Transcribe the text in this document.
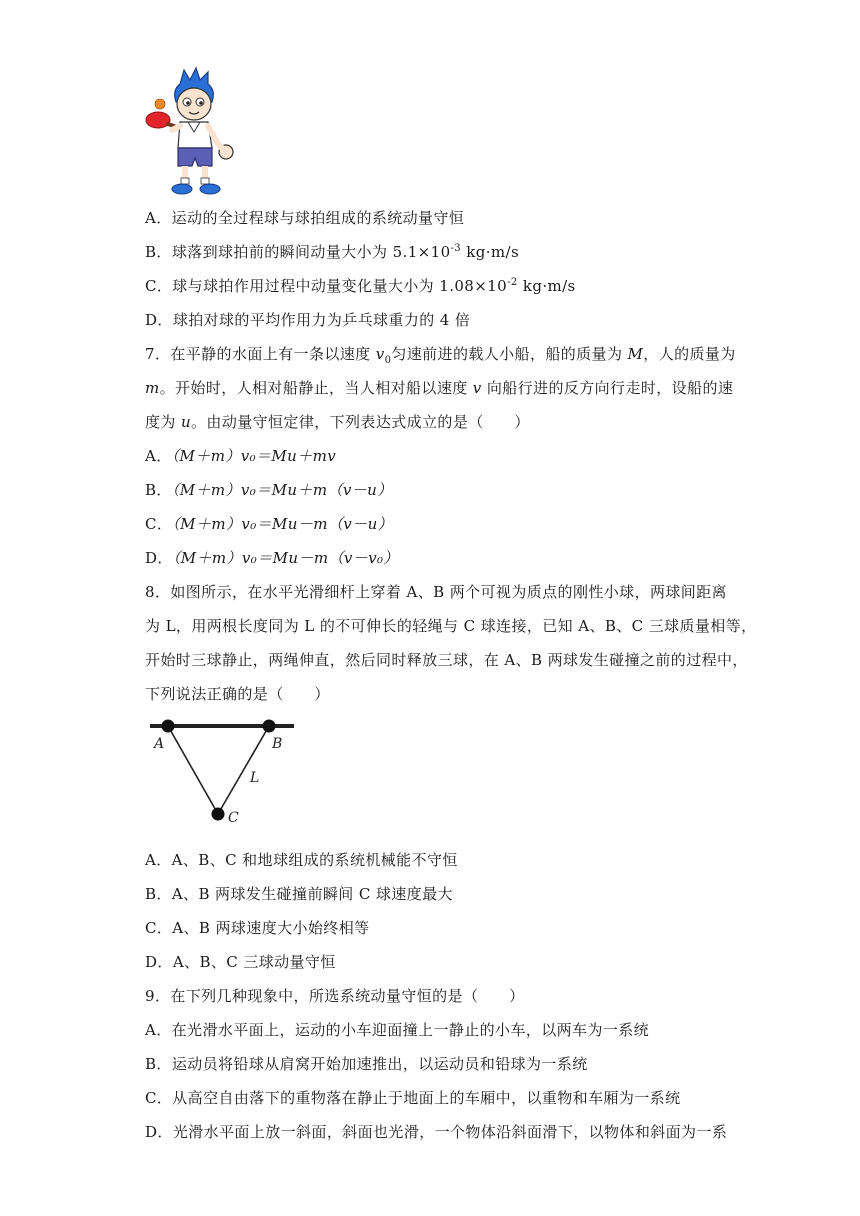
A．运动的全过程球与球拍组成的系统动量守恒
B．球落到球拍前的瞬间动量大小为 $5.1\times 10^{-3}$ kg·m/s
C．球与球拍作用过程中动量变化量大小为 $1.08\times 10^{-2}$ kg·m/s
D．球拍对球的平均作用力为乒乓球重力的 4 倍
7．在平静的水面上有一条以速度 $v_0$匀速前进的载人小船，船的质量为 M，人的质量为
m。开始时，人相对船静止，当人相对船以速度 v 向船行进的反方向行走时，设船的速
度为 u。由动量守恒定律，下列表达式成立的是（　　）
A．（M＋m）v₀＝Mu＋mv
B．（M＋m）v₀＝Mu＋m（v－u）
C．（M＋m）v₀＝Mu－m（v－u）
D．（M＋m）v₀＝Mu－m（v－v₀）
8．如图所示，在水平光滑细杆上穿着 A、B 两个可视为质点的刚性小球，两球间距离
为 L，用两根长度同为 L 的不可伸长的轻绳与 C 球连接，已知 A、B、C 三球质量相等，
开始时三球静止，两绳伸直，然后同时释放三球，在 A、B 两球发生碰撞之前的过程中，
下列说法正确的是（　　）
A	B
L
C
A．A、B、C 和地球组成的系统机械能不守恒
B．A、B 两球发生碰撞前瞬间 C 球速度最大
C．A、B 两球速度大小始终相等
D．A、B、C 三球动量守恒
9．在下列几种现象中，所选系统动量守恒的是（　　）
A．在光滑水平面上，运动的小车迎面撞上一静止的小车，以两车为一系统
B．运动员将铅球从肩窝开始加速推出，以运动员和铅球为一系统
C．从高空自由落下的重物落在静止于地面上的车厢中，以重物和车厢为一系统
D．光滑水平面上放一斜面，斜面也光滑，一个物体沿斜面滑下，以物体和斜面为一系
